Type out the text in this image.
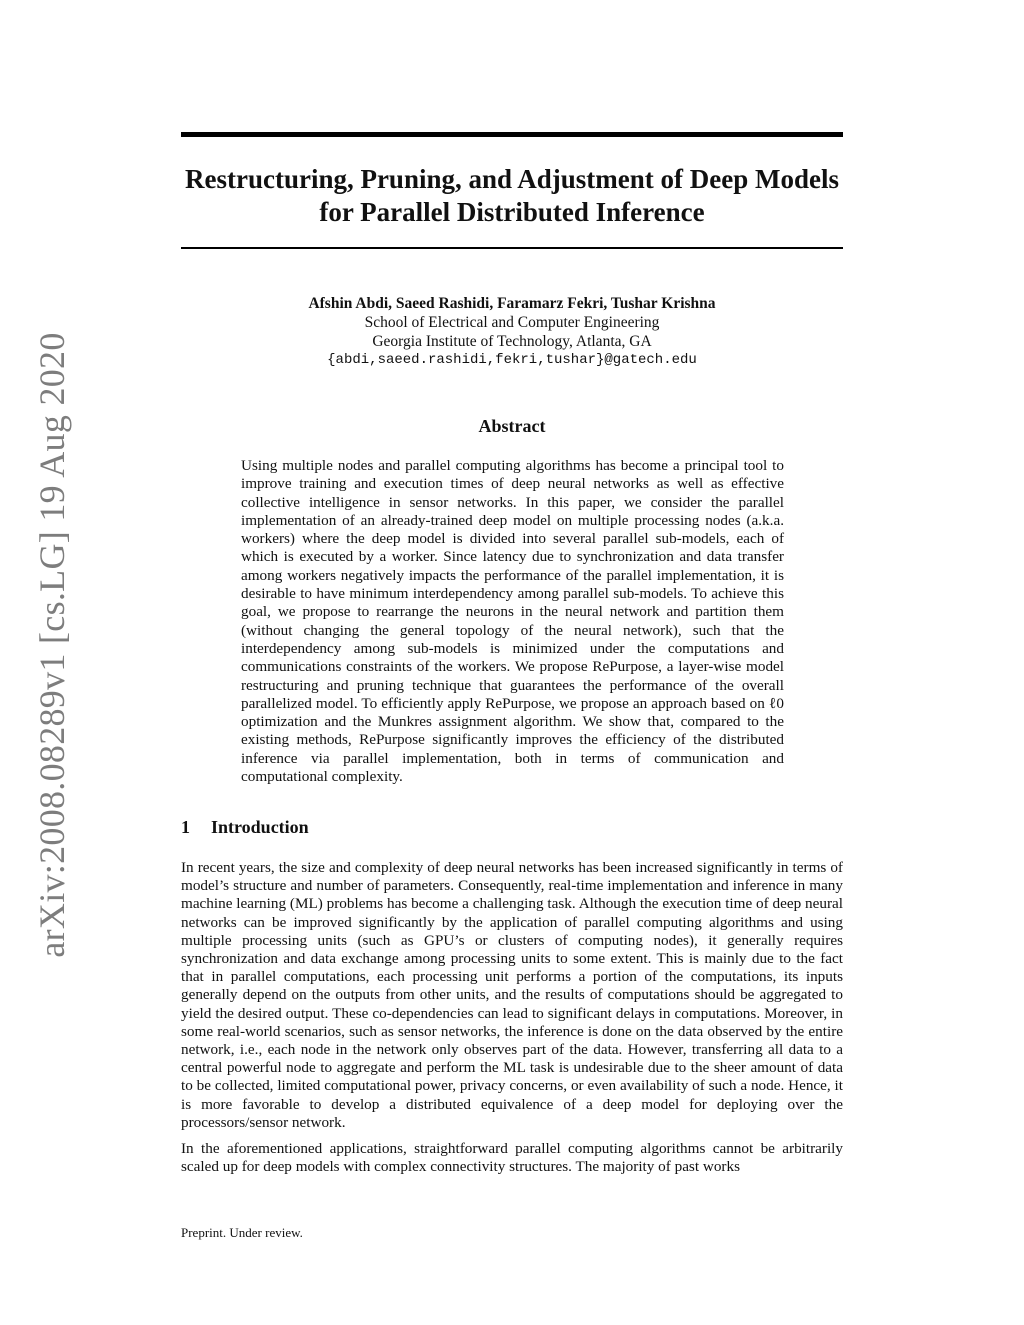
arXiv:2008.08289v1 [cs.LG] 19 Aug 2020
Restructuring, Pruning, and Adjustment of Deep Models for Parallel Distributed Inference
Afshin Abdi, Saeed Rashidi, Faramarz Fekri, Tushar Krishna
School of Electrical and Computer Engineering
Georgia Institute of Technology, Atlanta, GA
{abdi,saeed.rashidi,fekri,tushar}@gatech.edu
Abstract

Using multiple nodes and parallel computing algorithms has become a principal tool to improve training and execution times of deep neural networks as well as effective collective intelligence in sensor networks. In this paper, we consider the parallel implementation of an already-trained deep model on multiple processing nodes (a.k.a. workers) where the deep model is divided into several parallel sub-models, each of which is executed by a worker. Since latency due to synchronization and data transfer among workers negatively impacts the performance of the parallel implementation, it is desirable to have minimum interdependency among parallel sub-models. To achieve this goal, we propose to rearrange the neurons in the neural network and partition them (without changing the general topology of the neural network), such that the interdependency among sub-models is minimized under the computations and communications constraints of the workers. We propose RePurpose, a layer-wise model restructuring and pruning technique that guarantees the performance of the overall parallelized model. To efficiently apply RePurpose, we propose an approach based on ℓ0 optimization and the Munkres assignment algorithm. We show that, compared to the existing methods, RePurpose significantly improves the efficiency of the distributed inference via parallel implementation, both in terms of communication and computational complexity.

1 Introduction

In recent years, the size and complexity of deep neural networks has been increased significantly in terms of model’s structure and number of parameters. Consequently, real-time implementation and inference in many machine learning (ML) problems has become a challenging task. Although the execution time of deep neural networks can be improved significantly by the application of parallel computing algorithms and using multiple processing units (such as GPU’s or clusters of computing nodes), it generally requires synchronization and data exchange among processing units to some extent. This is mainly due to the fact that in parallel computations, each processing unit performs a portion of the computations, its inputs generally depend on the outputs from other units, and the results of computations should be aggregated to yield the desired output. These co-dependencies can lead to significant delays in computations. Moreover, in some real-world scenarios, such as sensor networks, the inference is done on the data observed by the entire network, i.e., each node in the network only observes part of the data. However, transferring all data to a central powerful node to aggregate and perform the ML task is undesirable due to the sheer amount of data to be collected, limited computational power, privacy concerns, or even availability of such a node. Hence, it is more favorable to develop a distributed equivalence of a deep model for deploying over the processors/sensor network.

In the aforementioned applications, straightforward parallel computing algorithms cannot be arbitrarily scaled up for deep models with complex connectivity structures. The majority of past works

Preprint. Under review.
